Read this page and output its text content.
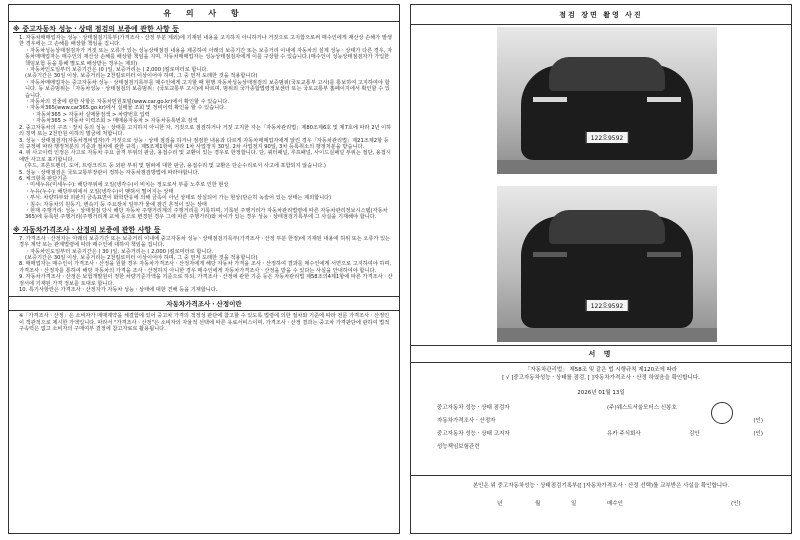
유 의 사 항
※ 중고자동차 성능ㆍ상태 점검의 보증에 관한 사항 등
1. 자동차매매업자는 성능ㆍ상태점검기록부(가격조사ㆍ산정 부분 제외)에 기재된 내용을 고지하지 아니하거나 거짓으로 고지함으로써 매수인에게 재산상 손해가 발생한 경우에는 그 손해를 배상할 책임을 집니다.
ㆍ자동차성능상태점검자가 거짓 또는 오류가 있는 성능상태점검 내용을 제공하여 아래의 보증기간 또는 보증거리 이내에 자동차의 실제 성능ㆍ상태가 다른 경우, 자동차매매업자는 매수인의 재산상 손해를 배상할 책임을 지며, 자동차매매업자는 성능상태점검자에게 이를 구상할 수 있습니다.(매수인이 성능상태점검자가 가입한 책임보험 등을 통해 별도로 배상받는 경우는 제외)
ㆍ자동차인도일부터 보증기간은 (0 )일, 보증거리는 ( 2,000 )킬로미터로 합니다.
(보증기간은 30일 이상, 보증거리는 2천킬로미터 이상이어야 하며, 그 중 먼저 도래한 것을 적용합니다)
ㆍ자동차매매업자는 중고자동차 성능ㆍ상태점검기록부를 매수인에게 고지할 때 현행 자동차성능상태점검의 보증범위(국토교통부 고시)를 통보하여 고지하여야 합니다. 동 보증범위는「자동차성능ㆍ상태점검의 보증범위」(국토교통부 고시)에 따르며, 범위외 국가종합법령정보센터 또는 국토교통부 홈페이지에서 확인할 수 있습니다.
ㆍ자동차의 진줄에 관한 사항은 자동차민원포털(www.car.go.kr)에서 확인할 수 있습니다.
ㆍ자동차365(www.car365.go.kr)에서 실매물 조회 및 정비이력 확인을 할 수 있습니다.
ㆍ자동차365 > 자동차 실매물검색 > 차량번호 입력
ㆍ자동차365 > 자동차 이력조회 > 매매용자동차 > 자동차등록번호 검색
2. 중고자동차의 구조ㆍ장치 등의 성능ㆍ상태를 고지하지 아니한 자, 거짓으로 점검하거나 거짓 고지한 자는「자동차관리법」제80조제6호 및 제7호에 따라 2년 이하의 징역 또는 2천만원 이하의 벌금에 처합니다.
3. 성능ㆍ상태점검자(자동차정비업자)가 거짓으로 성능ㆍ상태 점검을 하거나 점검한 내용과 다르게 자동차매매업자에게 알린 경우「자동차관리법」제21조제2항 등의 규정에 따라 행정처분의 기준과 절차에 관한 규칙」제5조제1항에 따라 1차 사업정지 30일, 2차 사업정지 90일, 3차 등록취소의 행정처분을 받습니다.
4. 위 사고이력 인정은 사고로 자동차 주요 골격 부위의 판금, 용접수리 및 교환이 있는 경우로 한정합니다. 단, 쿼터패널, 루프패널, 사이드실패널 부위는 절단, 용접시에만 사고로 표기합니다.
(후드, 프론트펜더, 도어, 트렁크리드 등 외판 부위 및 범퍼에 대한 판금, 용접수리 및 교환은 단순수리로서 사고에 포함되지 않습니다.)
5. 성능ㆍ상태점검은 국토교통부장관이 정하는 자동차점검방법에 따라야합니다.
6. 체크항목 판단기준
ㆍ미세누유(미세누수): 해당부위에 오일(냉각수)이 비치는 정도로서 부품 노후로 인한 현상
ㆍ누유(누수): 해당부위에서 오일(냉각수)이 맺혀서 떨어지는 상태
ㆍ부식: 차량하부와 외판의 금속표면이 화학반응에 의해 금속이 아닌 상태로 상실되어 가는 현상(단순히 녹슬어 있는 상태는 제외합니다)
ㆍ침수: 자동차의 원동기, 변속기 등 주요장치 일부가 물에 잠긴 흔적이 있는 상태
ㆍ현재 주행거리: 성능ㆍ상태점검 당시 해당 자동차 주행거리계의 주행거리를 기록하며, 기록된 주행거리가 자동차관리법령에 따른 자동차관리정보시스템(자동차365)에 등록된 주행거리(주행거리계 교체 등으로 변경된 경우 그에 따른 주행거리)와 차이가 있는 경우 성능ㆍ상태점검기록부에 그 사실을 기재해야 합니다.
※ 자동차가격조사ㆍ산정의 보증에 관한 사항 등
7. 가격조사ㆍ산정자는 아래의 보증기간 또는 보증거리 이내에 중고자동차 성능ㆍ상태점검기록부(가격조사ㆍ산정 부분 한정)에 기재된 내용에 허위 또는 오류가 있는 경우 계약 또는 관계법령에 따라 매수인에 대하여 책임을 집니다.
ㆍ자동차인도일부터 보증기간은 ( 30 )일, 보증거리는 ( 2,000 )킬로미터로 합니다.
(보증기간은 30일 이상, 보증거리는 2천킬로미터 이상이어야 하며, 그 중 먼저 도래한 것을 적용합니다)
8. 매매업자는 매수인이 가격조사ㆍ산정을 원할 경우 자동차가격조사ㆍ산정자에게 해당 자동차 가격을 조사ㆍ산정하여 결과를 매수인에게 서면으로 고지하여야 하며, 가격조사ㆍ산정자를 통하여 해당 자동차의 가격을 조사ㆍ산정하지 아니한 경우 매수인에게 자동차가격조사ㆍ산정을 받을 수 있다는 사실을 안내하여야 합니다.
9. 자동차가격조사ㆍ산정은 보험개발원이 정한 차량기준가액을 기준으로 하되, 가격조사ㆍ산정에 관한 기준 등은 자동차관리법 제58조의4제1항에 따른 가격조사ㆍ산정서에 기재된 가격 정보를 토대로 합니다.
10. 특기사항란은 가격조사ㆍ산정자가 자동차 성능ㆍ상태에 대한 견해 등을 기재합니다.
자동차가격조사ㆍ산정이란
※「가격조사ㆍ산정」은 소비자가 매매계약을 체결함에 있어 중고차 가격의 적정성 판단에 참고할 수 있도록 법령에 의한 절차와 기준에 따라 전문 가격조사ㆍ산정인이 객관적으로 제시한 가액입니다. 따라서 "가격조사ㆍ산정"은 소비자의 자율적 선택에 따른 유료서비스이며, 가격조사ㆍ산정 결과는 중고차 가격판단에 관하여 법적 구속력은 없고 소비자의 구매여부 결정에 참고자료로 활용됩니다.
점검 장면 촬영 사진
122호9592
122호9592
서 명
「자동차관리법」 제58조 및 같은 법 시행규칙 제120조에 따라
[ √ ]중고자동차성능ㆍ상태를 점검, [ ]자동차가격조사ㆍ산정 하였음을 확인합니다.
2026년 01월 13일
중고자동차 성능ㆍ상태 점검자	(주)웨스트서울모터스 신봉호
자동차가격조사ㆍ산정자	(인)
중고자동차 성능ㆍ상태 고지자	유카 주식회사	김안	(인)
성능책임보험관련
본인은 위 중고자동차성능ㆍ상태점검기록부([ ]자동차가격조사ㆍ산정 선택)를 교부받은 사실을 확인합니다.
년	월	일	매수인	(인)
